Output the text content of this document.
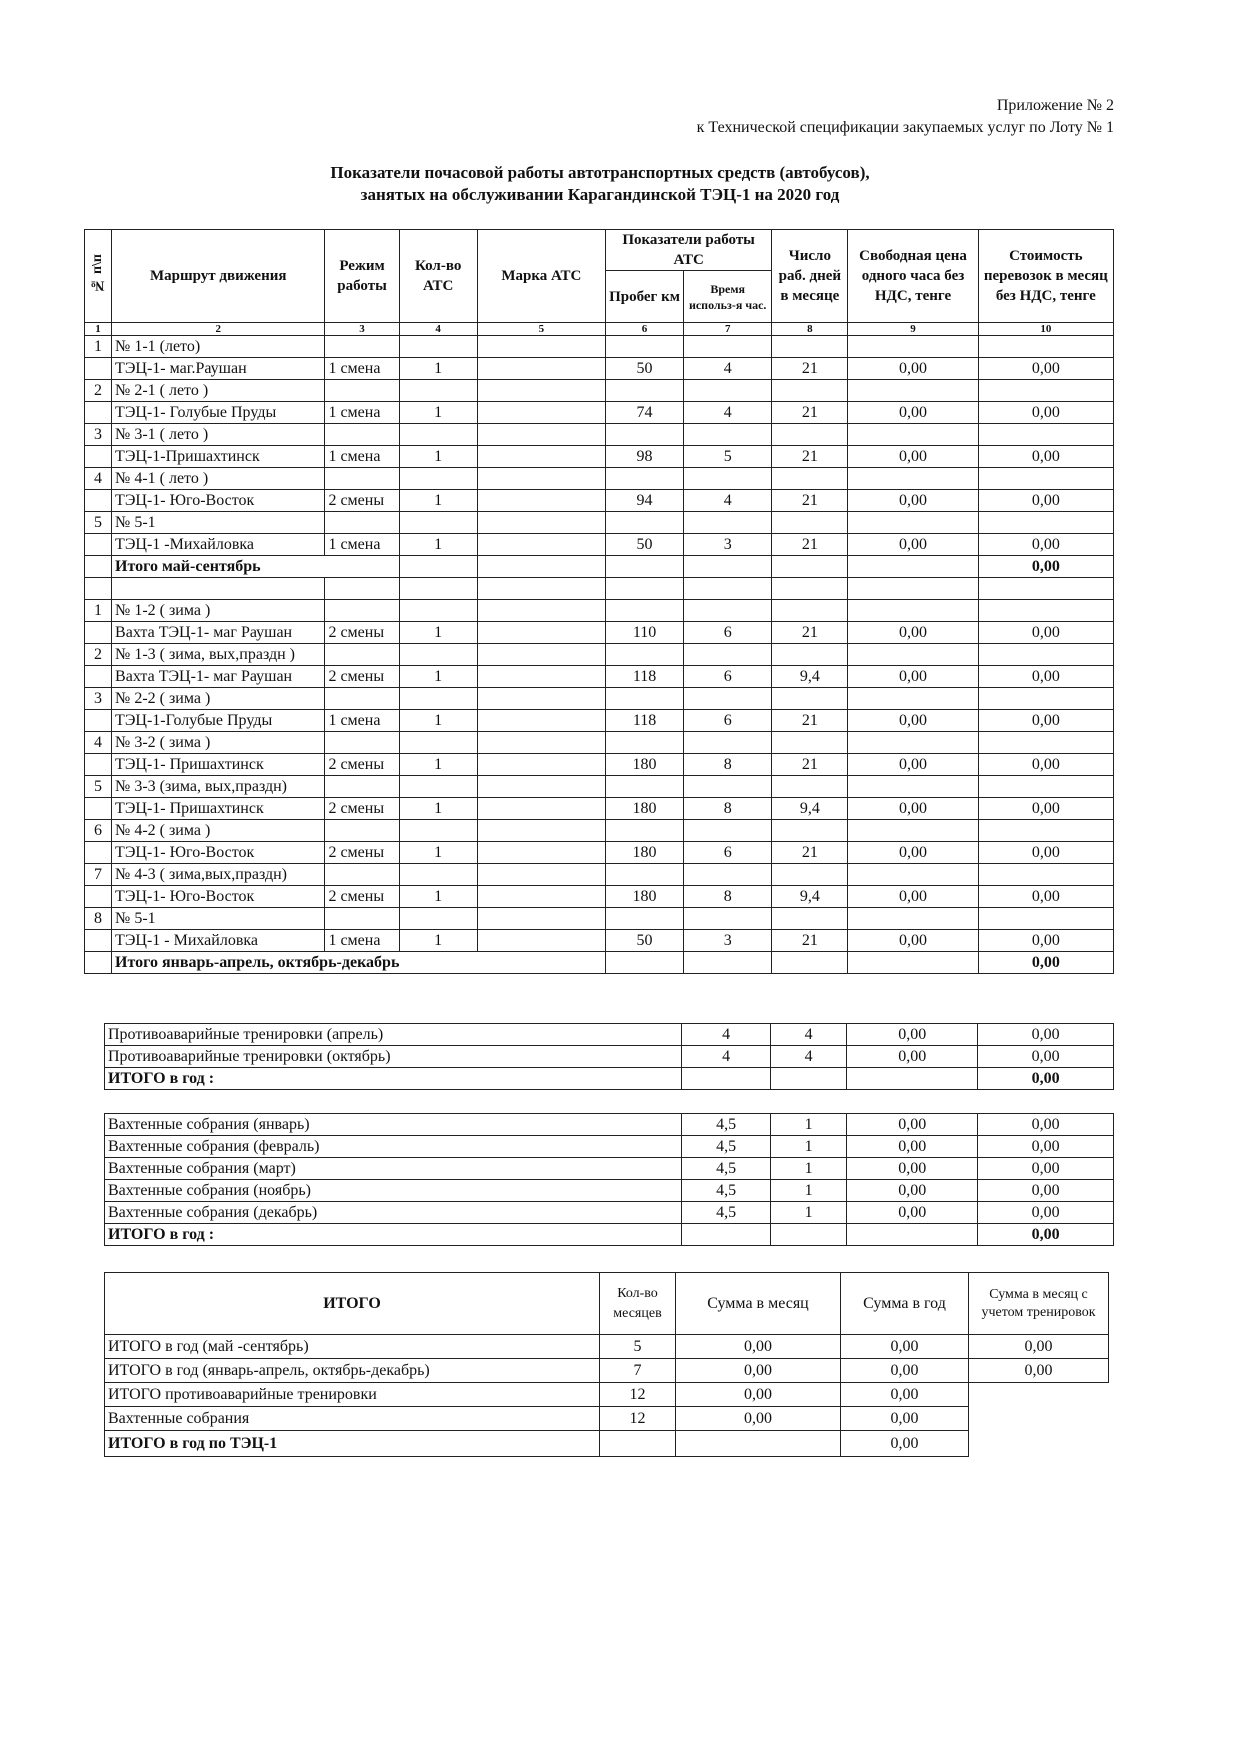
Приложение № 2
к Технической спецификации закупаемых услуг по Лоту № 1
Показатели почасовой работы автотранспортных средств (автобусов),
занятых на обслуживании Карагандинской ТЭЦ-1 на 2020 год
№ п\п	Маршрут движения	Режим работы	Кол-во АТС	Марка АТС	Показатели работы АТС		Число раб. дней в месяце	Свободная цена одного часа без НДС, тенге	Стоимость перевозок в месяц без НДС, тенге
					Пробег км	Время использ-я час.			
1	2	3	4	5	6	7	8	9	10
1	№ 1-1 (лето)								
	ТЭЦ-1- маг.Раушан	1 смена	1		50	4	21	0,00	0,00
2	№ 2-1 ( лето )								
	ТЭЦ-1- Голубые Пруды	1 смена	1		74	4	21	0,00	0,00
3	№ 3-1 ( лето )								
	ТЭЦ-1-Пришахтинск	1 смена	1		98	5	21	0,00	0,00
4	№ 4-1 ( лето )								
	ТЭЦ-1- Юго-Восток	2 смены	1		94	4	21	0,00	0,00
5	№ 5-1								
	ТЭЦ-1 -Михайловка	1 смена	1		50	3	21	0,00	0,00
	Итого май-сентябрь								0,00

1	№ 1-2 ( зима )								
	Вахта ТЭЦ-1- маг Раушан	2 смены	1		110	6	21	0,00	0,00
2	№ 1-3 ( зима, вых,праздн )								
	Вахта ТЭЦ-1- маг Раушан	2 смены	1		118	6	9,4	0,00	0,00
3	№ 2-2 ( зима )								
	ТЭЦ-1-Голубые Пруды	1 смена	1		118	6	21	0,00	0,00
4	№ 3-2 ( зима )								
	ТЭЦ-1- Пришахтинск	2 смены	1		180	8	21	0,00	0,00
5	№ 3-3 (зима, вых,праздн)								
	ТЭЦ-1- Пришахтинск	2 смены	1		180	8	9,4	0,00	0,00
6	№ 4-2 ( зима )								
	ТЭЦ-1- Юго-Восток	2 смены	1		180	6	21	0,00	0,00
7	№ 4-3 ( зима,вых,праздн)								
	ТЭЦ-1- Юго-Восток	2 смены	1		180	8	9,4	0,00	0,00
8	№ 5-1								
	ТЭЦ-1 - Михайловка	1 смена	1		50	3	21	0,00	0,00
	Итого январь-апрель, октябрь-декабрь								0,00
Противоаварийные тренировки (апрель)	4	4	0,00	0,00
Противоаварийные тренировки (октябрь)	4	4	0,00	0,00
ИТОГО в год :				0,00
Вахтенные собрания (январь)	4,5	1	0,00	0,00
Вахтенные собрания (февраль)	4,5	1	0,00	0,00
Вахтенные собрания (март)	4,5	1	0,00	0,00
Вахтенные собрания (ноябрь)	4,5	1	0,00	0,00
Вахтенные собрания (декабрь)	4,5	1	0,00	0,00
ИТОГО в год :				0,00
ИТОГО	Кол-во месяцев	Сумма в месяц	Сумма в год	Сумма в месяц с учетом тренировок
ИТОГО в год (май -сентябрь)	5	0,00	0,00	0,00
ИТОГО в год (январь-апрель, октябрь-декабрь)	7	0,00	0,00	0,00
ИТОГО противоаварийные тренировки	12	0,00	0,00	
Вахтенные собрания	12	0,00	0,00	
ИТОГО в год по ТЭЦ-1			0,00	
